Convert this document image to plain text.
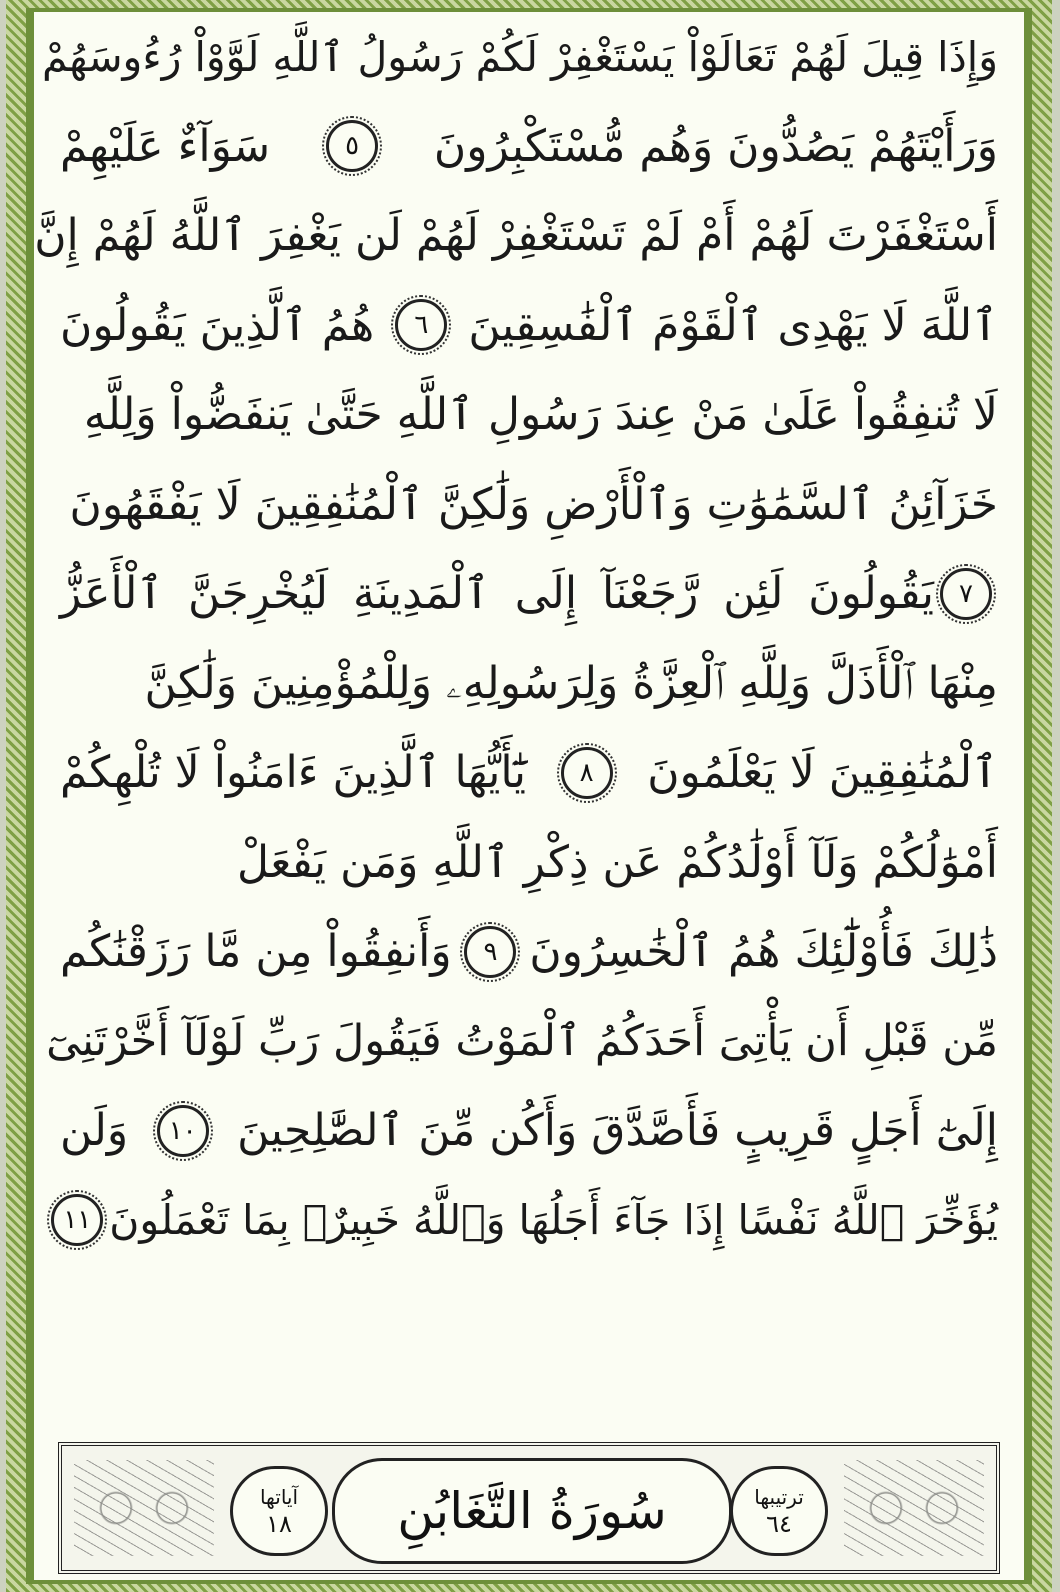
وَإِذَا قِيلَ لَهُمْ تَعَالَوْاْ يَسْتَغْفِرْ لَكُمْ رَسُولُ ٱللَّهِ لَوَّوْاْ رُءُوسَهُمْ
وَرَأَيْتَهُمْ يَصُدُّونَ وَهُم مُّسْتَكْبِرُونَ
٥
سَوَآءٌ عَلَيْهِمْ
أَسْتَغْفَرْتَ لَهُمْ أَمْ لَمْ تَسْتَغْفِرْ لَهُمْ لَن يَغْفِرَ ٱللَّهُ لَهُمْ إِنَّ
ٱللَّهَ لَا يَهْدِى ٱلْقَوْمَ ٱلْفَٰسِقِينَ
٦
هُمُ ٱلَّذِينَ يَقُولُونَ
لَا تُنفِقُواْ عَلَىٰ مَنْ عِندَ رَسُولِ ٱللَّهِ حَتَّىٰ يَنفَضُّواْ وَلِلَّهِ
خَزَآئِنُ ٱلسَّمَٰوَٰتِ وَٱلْأَرْضِ وَلَٰكِنَّ ٱلْمُنَٰفِقِينَ لَا يَفْقَهُونَ
٧
يَقُولُونَ لَئِن رَّجَعْنَآ إِلَى ٱلْمَدِينَةِ لَيُخْرِجَنَّ ٱلْأَعَزُّ
مِنْهَا ٱلْأَذَلَّ وَلِلَّهِ ٱلْعِزَّةُ وَلِرَسُولِهِۦ وَلِلْمُؤْمِنِينَ وَلَٰكِنَّ
ٱلْمُنَٰفِقِينَ لَا يَعْلَمُونَ
٨
يَٰٓأَيُّهَا ٱلَّذِينَ ءَامَنُواْ لَا تُلْهِكُمْ
أَمْوَٰلُكُمْ وَلَآ أَوْلَٰدُكُمْ عَن ذِكْرِ ٱللَّهِ وَمَن يَفْعَلْ
ذَٰلِكَ فَأُوْلَٰٓئِكَ هُمُ ٱلْخَٰسِرُونَ
٩
وَأَنفِقُواْ مِن مَّا رَزَقْنَٰكُم
مِّن قَبْلِ أَن يَأْتِىَ أَحَدَكُمُ ٱلْمَوْتُ فَيَقُولَ رَبِّ لَوْلَآ أَخَّرْتَنِىٓ
إِلَىٰٓ أَجَلٍ قَرِيبٍ فَأَصَّدَّقَ وَأَكُن مِّنَ ٱلصَّٰلِحِينَ
١٠
وَلَن
يُؤَخِّرَ ٱللَّهُ نَفْسًا إِذَا جَآءَ أَجَلُهَا وَٱللَّهُ خَبِيرٌۢ بِمَا تَعْمَلُونَ
١١
آياتها
١٨ سُورَةُ التَّغَابُنِ	ترتيبها
٦٤
